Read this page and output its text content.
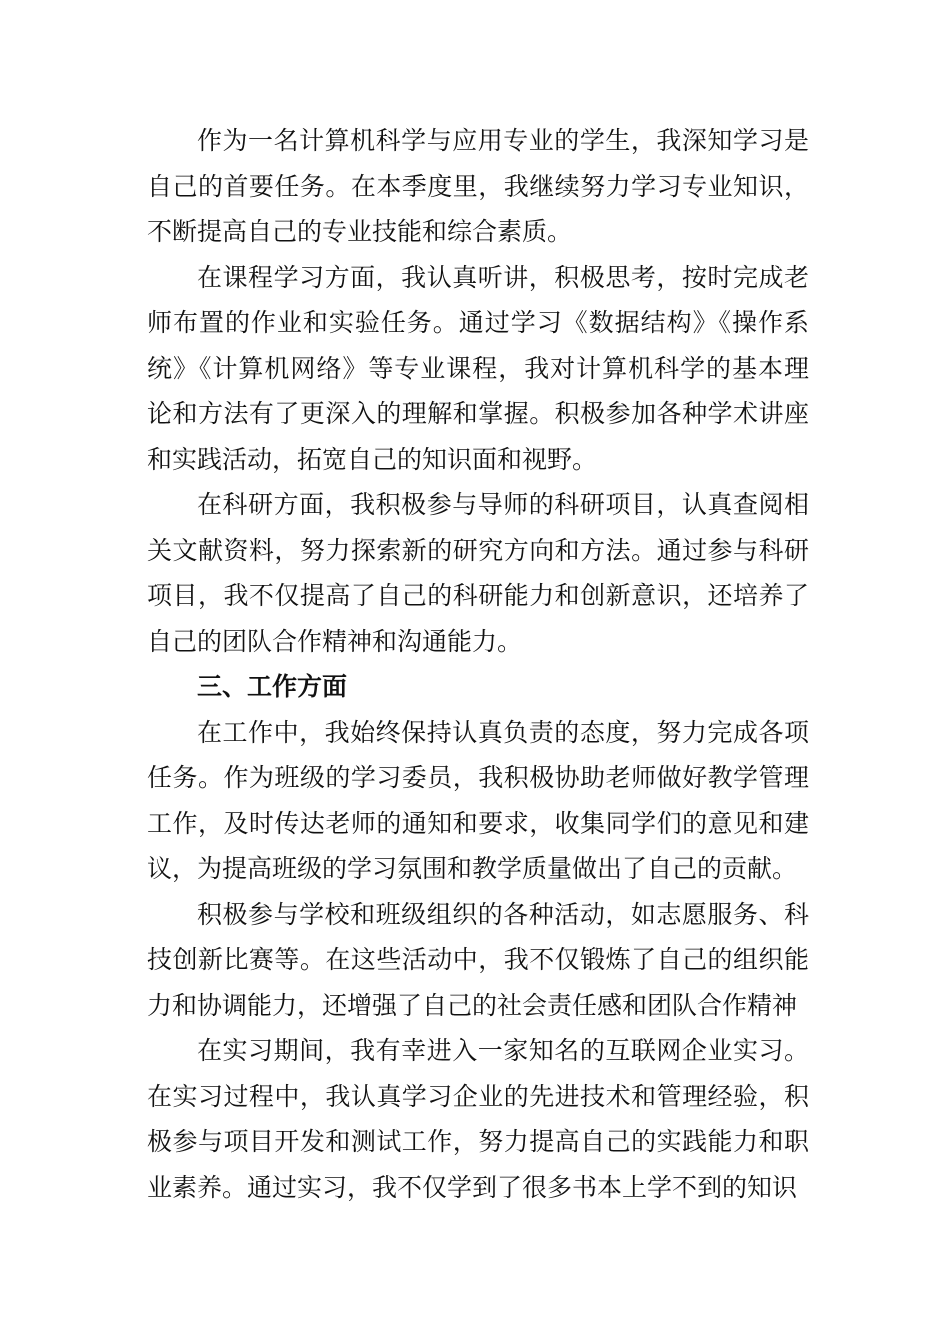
作为一名计算机科学与应用专业的学生，我深知学习是自己的首要任务。在本季度里，我继续努力学习专业知识，不断提高自己的专业技能和综合素质。

在课程学习方面，我认真听讲，积极思考，按时完成老师布置的作业和实验任务。通过学习《数据结构》《操作系统》《计算机网络》等专业课程，我对计算机科学的基本理论和方法有了更深入的理解和掌握。积极参加各种学术讲座和实践活动，拓宽自己的知识面和视野。

在科研方面，我积极参与导师的科研项目，认真查阅相关文献资料，努力探索新的研究方向和方法。通过参与科研项目，我不仅提高了自己的科研能力和创新意识，还培养了自己的团队合作精神和沟通能力。

三、工作方面

在工作中，我始终保持认真负责的态度，努力完成各项任务。作为班级的学习委员，我积极协助老师做好教学管理工作，及时传达老师的通知和要求，收集同学们的意见和建议，为提高班级的学习氛围和教学质量做出了自己的贡献。

积极参与学校和班级组织的各种活动，如志愿服务、科技创新比赛等。在这些活动中，我不仅锻炼了自己的组织能力和协调能力，还增强了自己的社会责任感和团队合作精神

在实习期间，我有幸进入一家知名的互联网企业实习。在实习过程中，我认真学习企业的先进技术和管理经验，积极参与项目开发和测试工作，努力提高自己的实践能力和职业素养。通过实习，我不仅学到了很多书本上学不到的知识
